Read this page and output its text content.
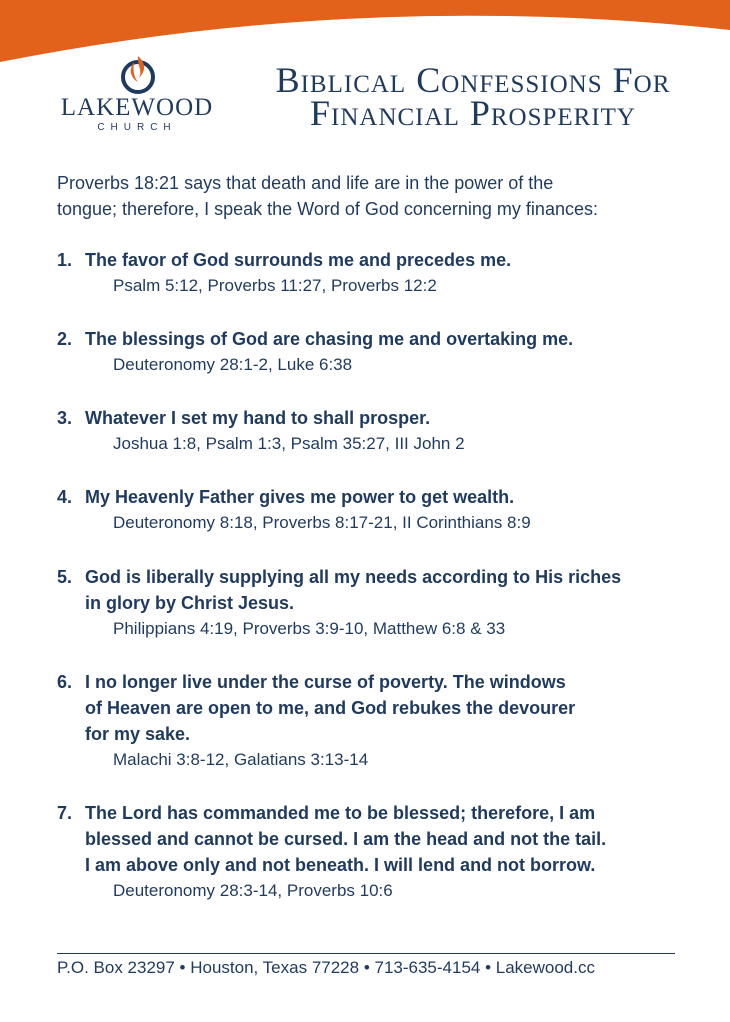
LAKEWOOD
CHURCH
Biblical Confessions For
Financial Prosperity
Proverbs 18:21 says that death and life are in the power of the
tongue; therefore, I speak the Word of God concerning my finances:
1. The favor of God surrounds me and precedes me.
Psalm 5:12, Proverbs 11:27, Proverbs 12:2
2. The blessings of God are chasing me and overtaking me.
Deuteronomy 28:1-2, Luke 6:38
3. Whatever I set my hand to shall prosper.
Joshua 1:8, Psalm 1:3, Psalm 35:27, III John 2
4. My Heavenly Father gives me power to get wealth.
Deuteronomy 8:18, Proverbs 8:17-21, II Corinthians 8:9
5. God is liberally supplying all my needs according to His riches
in glory by Christ Jesus.
Philippians 4:19, Proverbs 3:9-10, Matthew 6:8 & 33
6. I no longer live under the curse of poverty. The windows
of Heaven are open to me, and God rebukes the devourer
for my sake.
Malachi 3:8-12, Galatians 3:13-14
7. The Lord has commanded me to be blessed; therefore, I am
blessed and cannot be cursed. I am the head and not the tail.
I am above only and not beneath. I will lend and not borrow.
Deuteronomy 28:3-14, Proverbs 10:6
P.O. Box 23297 • Houston, Texas 77228 • 713-635-4154 • Lakewood.cc
